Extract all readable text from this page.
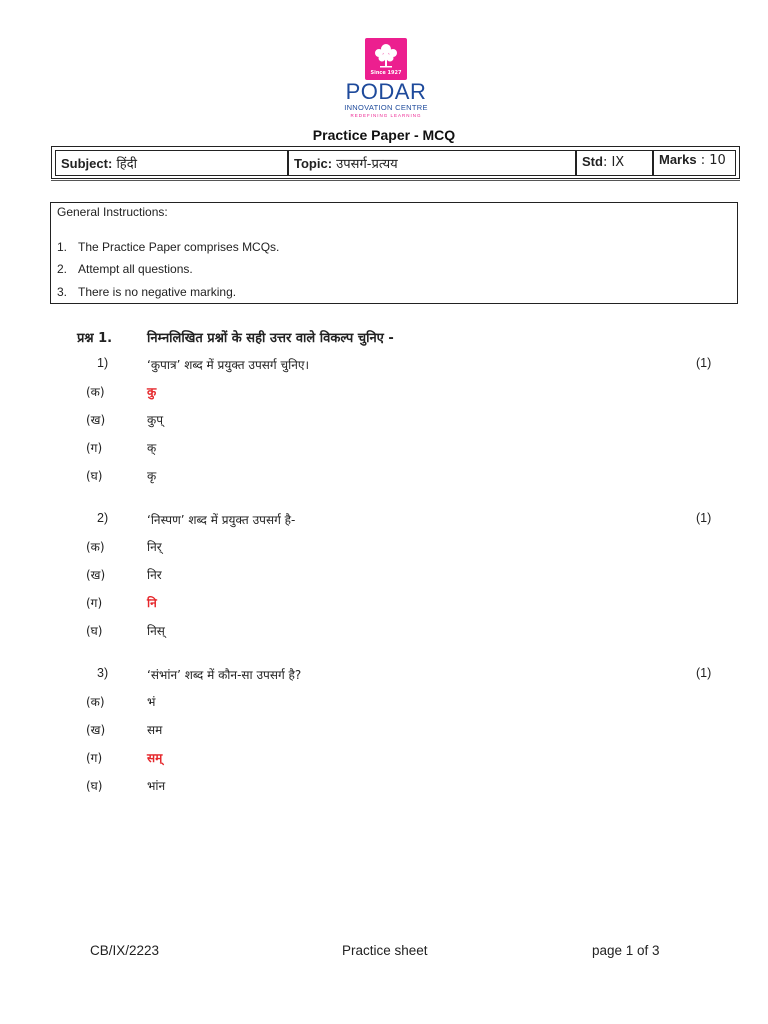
Since 1927
PODAR
INNOVATION CENTRE
REDEFINING LEARNING
Practice Paper - MCQ
Subject: हिंदी	Topic: उपसर्ग-प्रत्यय	Std: IX	Marks : 10
General Instructions:
1. The Practice Paper comprises MCQs.
2. Attempt all questions.
3. There is no negative marking.
प्रश्न 1.	निम्नलिखित प्रश्नों के सही उत्तर वाले विकल्प चुनिए -
1)	‘कुपात्र’ शब्द में प्रयुक्त उपसर्ग चुनिए।	(1)
(क)	कु
(ख)	कुप्
(ग)	क्
(घ)	कृ
2)	‘निस्पण’ शब्द में प्रयुक्त उपसर्ग है-	(1)
(क)	निर्
(ख)	निर
(ग)	नि
(घ)	निस्
3)	‘संभांन’ शब्द में कौन-सा उपसर्ग है?	(1)
(क)	भं
(ख)	सम
(ग)	सम्
(घ)	भांन
CB/IX/2223	Practice sheet	page 1 of 3
